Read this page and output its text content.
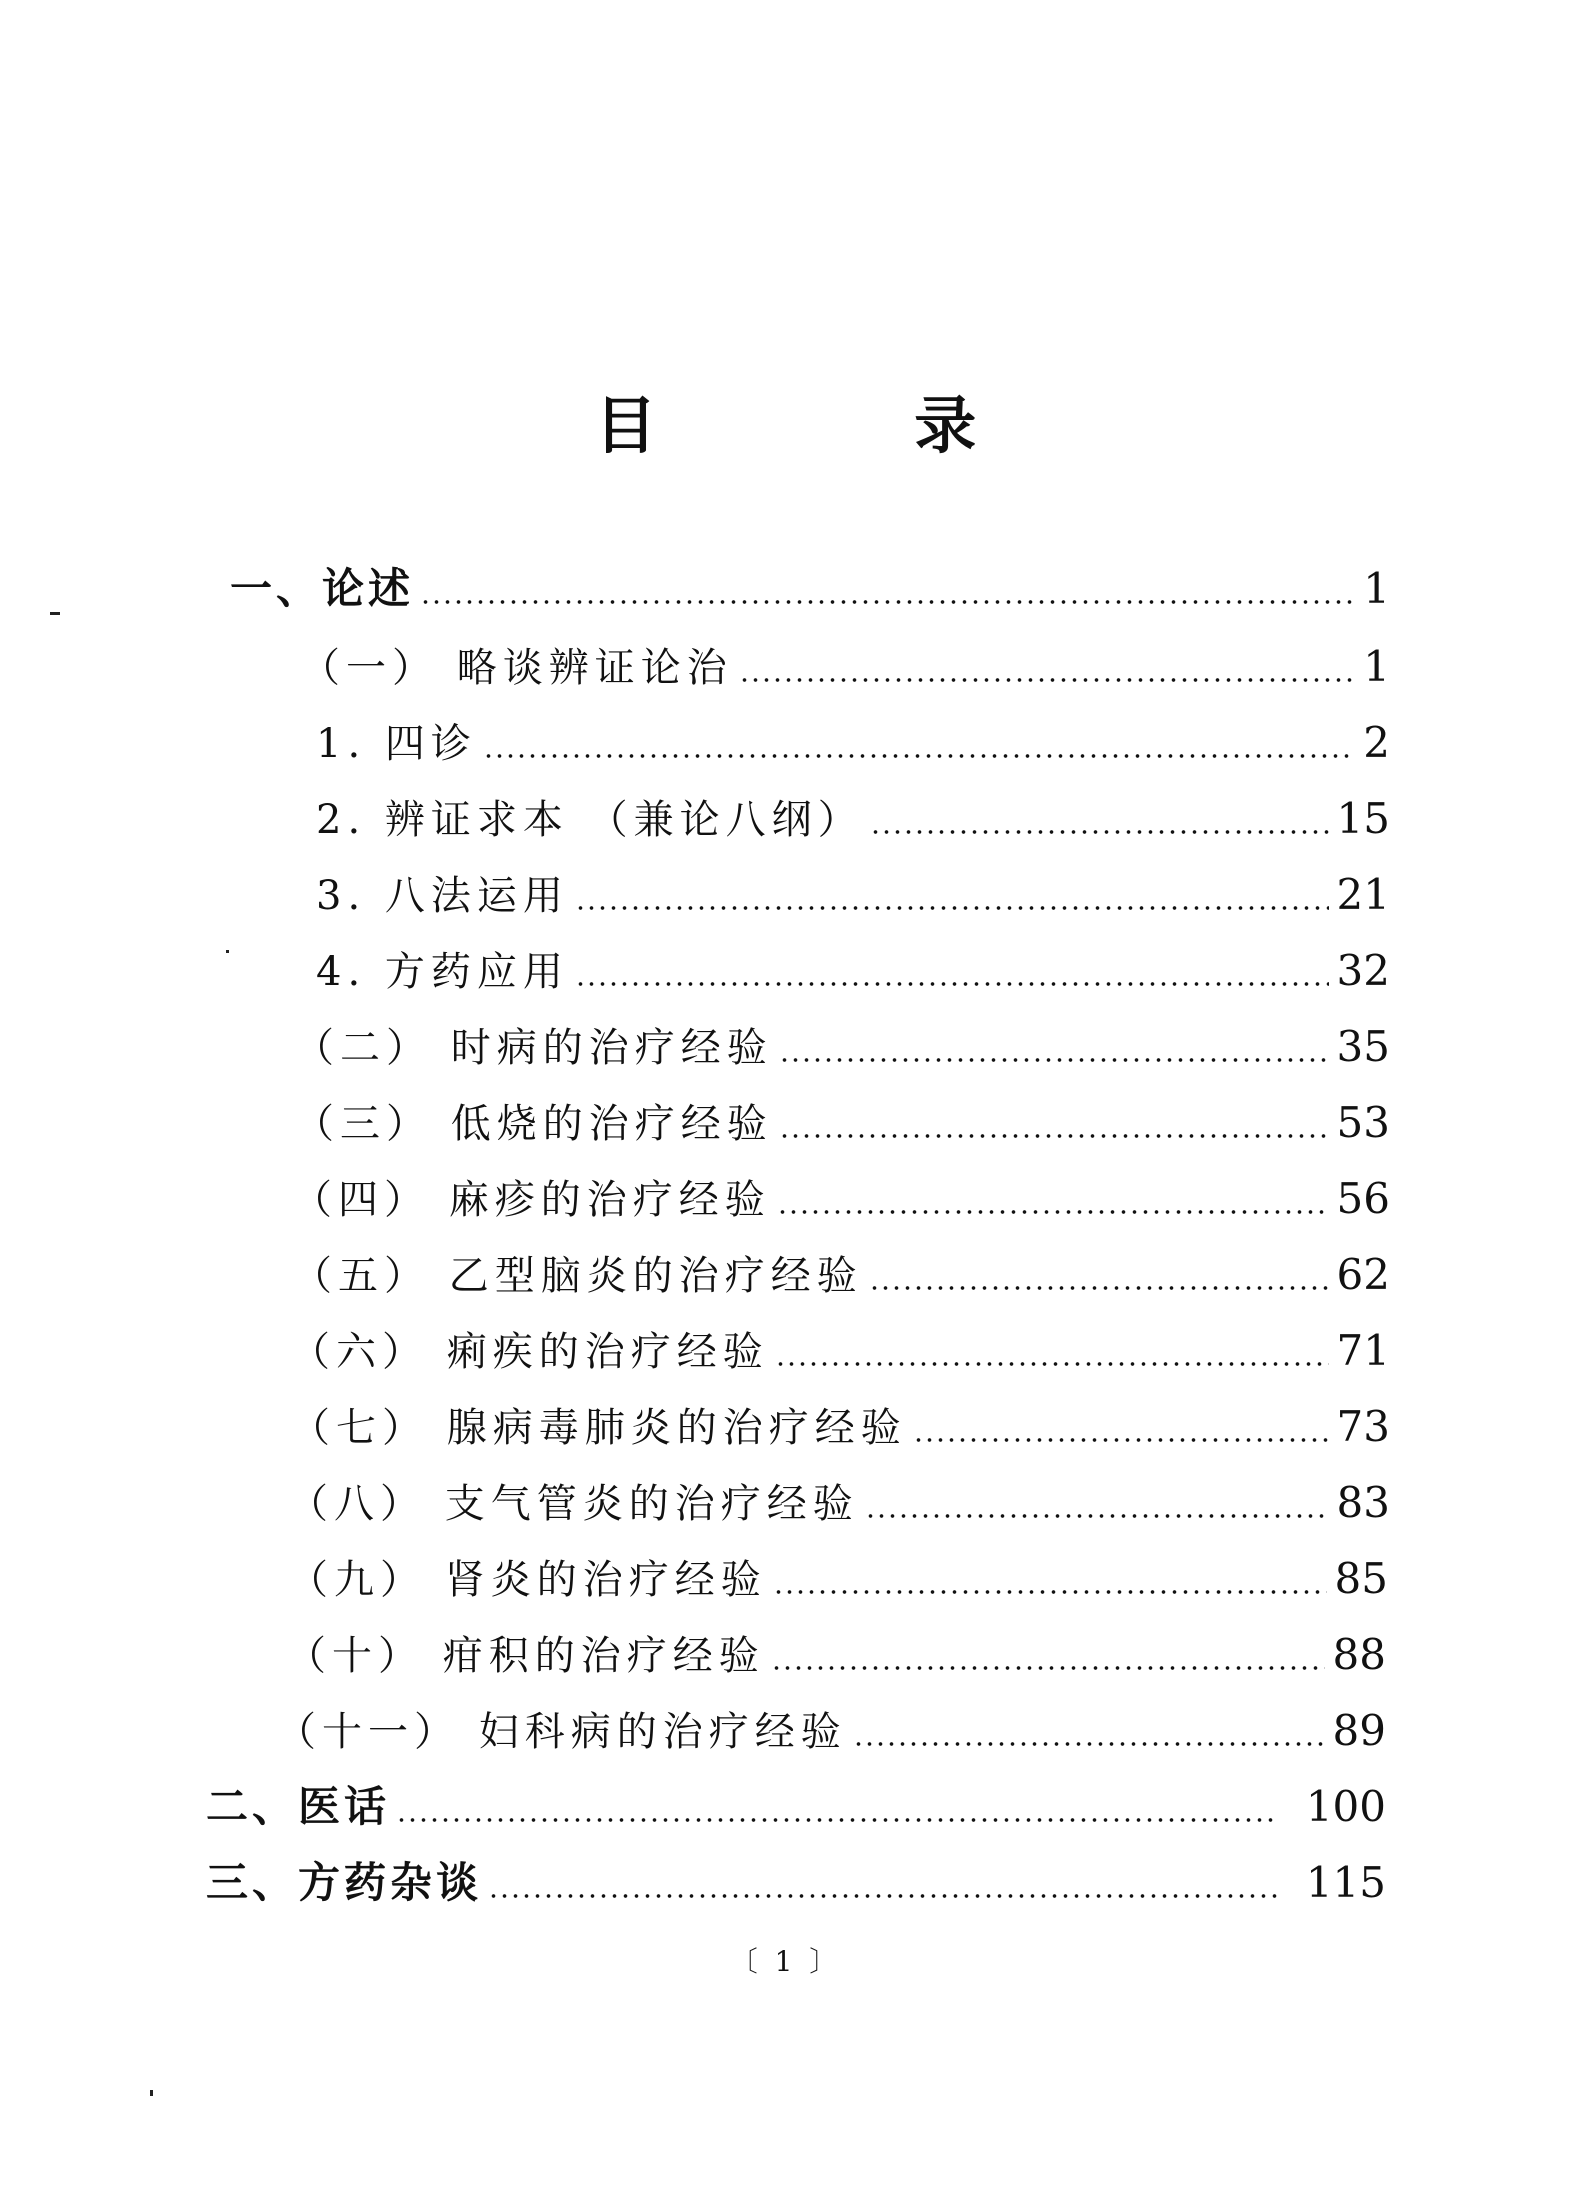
目 录
一、论述	1
（一） 略谈辨证论治	1
1. 四诊	2
2. 辨证求本 （兼论八纲）	15
3. 八法运用	21
4. 方药应用	32
（二） 时病的治疗经验	35
（三） 低烧的治疗经验	53
（四） 麻疹的治疗经验	56
（五） 乙型脑炎的治疗经验	62
（六） 痢疾的治疗经验	71
（七） 腺病毒肺炎的治疗经验	73
（八） 支气管炎的治疗经验	83
（九） 肾炎的治疗经验	85
（十） 疳积的治疗经验	88
（十一） 妇科病的治疗经验	89
二、医话	100
三、方药杂谈	115
〔 1 〕
